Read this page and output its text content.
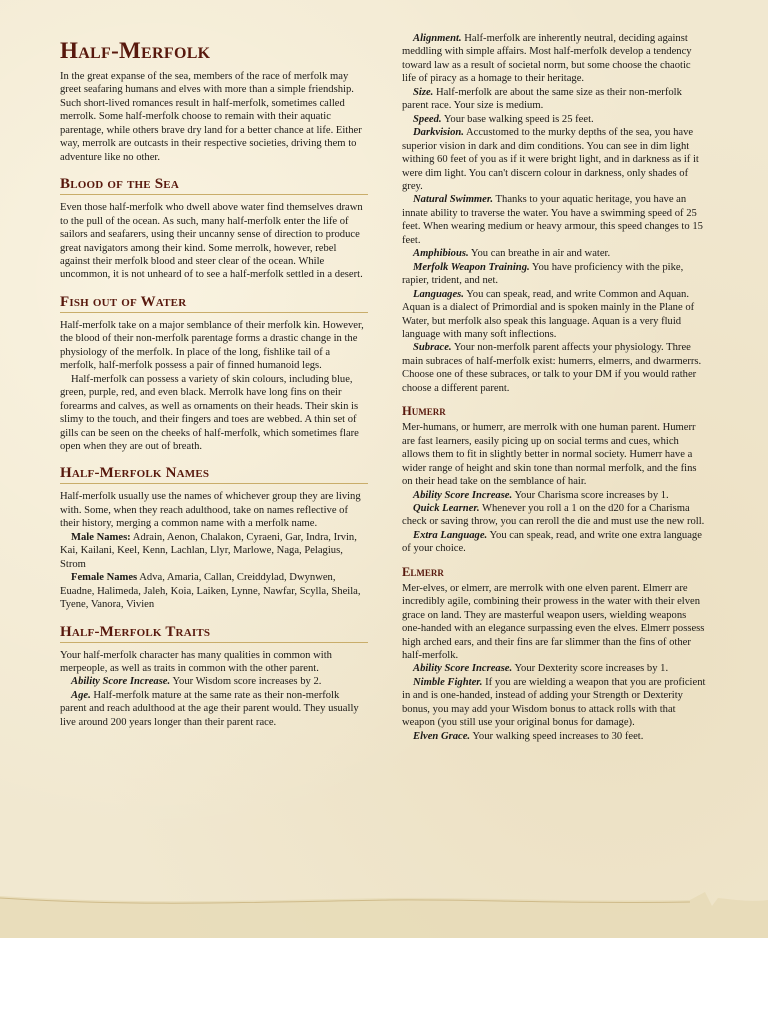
Half-Merfolk

In the great expanse of the sea, members of the race of merfolk may greet seafaring humans and elves with more than a simple friendship. Such short-lived romances result in half-merfolk, sometimes called merrolk. Some half-merfolk choose to remain with their aquatic parentage, while others brave dry land for a better chance at life. Either way, merrolk are outcasts in their respective societies, driving them to adventure like no other.

Blood of the Sea

Even those half-merfolk who dwell above water find themselves drawn to the pull of the ocean. As such, many half-merfolk enter the life of sailors and seafarers, using their uncanny sense of direction to produce great navigators among their kind. Some merrolk, however, rebel against their merfolk blood and steer clear of the ocean. While uncommon, it is not unheard of to see a half-merfolk settled in a desert.

Fish out of Water

Half-merfolk take on a major semblance of their merfolk kin. However, the blood of their non-merfolk parentage forms a drastic change in the physiology of the merfolk. In place of the long, fishlike tail of a merfolk, half-merfolk possess a pair of finned humanoid legs.

Half-merfolk can possess a variety of skin colours, including blue, green, purple, red, and even black. Merrolk have long fins on their forearms and calves, as well as ornaments on their heads. Their skin is slimy to the touch, and their fingers and toes are webbed. A thin set of gills can be seen on the cheeks of half-merfolk, which sometimes flare open when they are out of breath.

Half-Merfolk Names

Half-merfolk usually use the names of whichever group they are living with. Some, when they reach adulthood, take on names reflective of their history, merging a common name with a merfolk name.

Male Names: Adrain, Aenon, Chalakon, Cyraeni, Gar, Indra, Irvin, Kai, Kailani, Keel, Kenn, Lachlan, Llyr, Marlowe, Naga, Pelagius, Strom

Female Names Adva, Amaria, Callan, Creiddylad, Dwynwen, Euadne, Halimeda, Jaleh, Koia, Laiken, Lynne, Nawfar, Scylla, Sheila, Tyene, Vanora, Vivien

Half-Merfolk Traits

Your half-merfolk character has many qualities in common with merpeople, as well as traits in common with the other parent.

Ability Score Increase. Your Wisdom score increases by 2.

Age. Half-merfolk mature at the same rate as their non-merfolk parent and reach adulthood at the age their parent would. They usually live around 200 years longer than their parent race.

Alignment. Half-merfolk are inherently neutral, deciding against meddling with simple affairs. Most half-merfolk develop a tendency toward law as a result of societal norm, but some choose the chaotic life of piracy as a homage to their heritage.

Size. Half-merfolk are about the same size as their non-merfolk parent race. Your size is medium.

Speed. Your base walking speed is 25 feet.

Darkvision. Accustomed to the murky depths of the sea, you have superior vision in dark and dim conditions. You can see in dim light withing 60 feet of you as if it were bright light, and in darkness as if it were dim light. You can't discern colour in darkness, only shades of grey.

Natural Swimmer. Thanks to your aquatic heritage, you have an innate ability to traverse the water. You have a swimming speed of 25 feet. When wearing medium or heavy armour, this speed changes to 15 feet.

Amphibious. You can breathe in air and water.

Merfolk Weapon Training. You have proficiency with the pike, rapier, trident, and net.

Languages. You can speak, read, and write Common and Aquan. Aquan is a dialect of Primordial and is spoken mainly in the Plane of Water, but merfolk also speak this language. Aquan is a very fluid language with many soft inflections.

Subrace. Your non-merfolk parent affects your physiology. Three main subraces of half-merfolk exist: humerrs, elmerrs, and dwarmerrs. Choose one of these subraces, or talk to your DM if you would rather choose a different parent.

Humerr

Mer-humans, or humerr, are merrolk with one human parent. Humerr are fast learners, easily picing up on social terms and cues, which allows them to fit in slightly better in normal society. Humerr have a wider range of height and skin tone than normal merfolk, and the fins on their head take on the semblance of hair.

Ability Score Increase. Your Charisma score increases by 1.

Quick Learner. Whenever you roll a 1 on the d20 for a Charisma check or saving throw, you can reroll the die and must use the new roll.

Extra Language. You can speak, read, and write one extra language of your choice.

Elmerr

Mer-elves, or elmerr, are merrolk with one elven parent. Elmerr are incredibly agile, combining their prowess in the water with their elven grace on land. They are masterful weapon users, wielding weapons one-handed with an elegance surpassing even the elves. Elmerr possess high arched ears, and their fins are far slimmer than the fins of other half-merfolk.

Ability Score Increase. Your Dexterity score increases by 1.

Nimble Fighter. If you are wielding a weapon that you are proficient in and is one-handed, instead of adding your Strength or Dexterity bonus, you may add your Wisdom bonus to attack rolls with that weapon (you still use your original bonus for damage).

Elven Grace. Your walking speed increases to 30 feet.
